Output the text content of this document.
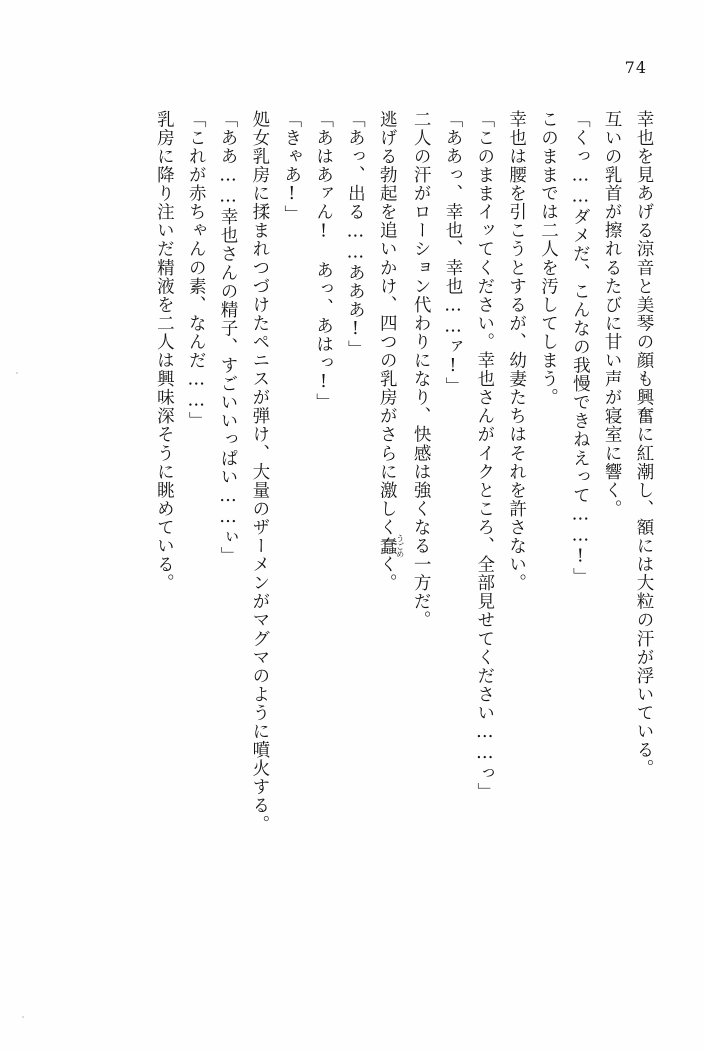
74
幸也を見あげる涼音と美琴の顔も興奮に紅潮し、額には大粒の汗が浮いている。
互いの乳首が擦れるたびに甘い声が寝室に響く。
「くっ……ダメだ、こんなの我慢できねえって……!」
このままでは二人を汚してしまう。
幸也は腰を引こうとするが、幼妻たちはそれを許さない。
「このままイッてください。幸也さんがイクところ、全部見せてください……っ」
「ああっ、幸也、幸也……ァ!」
二人の汗がローション代わりになり、快感は強くなる一方だ。
逃げる勃起を追いかけ、四つの乳房がさらに激しく蠢うごめく。
「あっ、出る……あああ!」
「あはあァん!　あっ、あはっ!」
「きゃあ!」
処女乳房に揉まれつづけたペニスが弾け、大量のザーメンがマグマのように噴火する。
「ああ……幸也さんの精子、すごいいっぱい……ぃ」
「これが赤ちゃんの素、なんだ……」
乳房に降り注いだ精液を二人は興味深そうに眺めている。
